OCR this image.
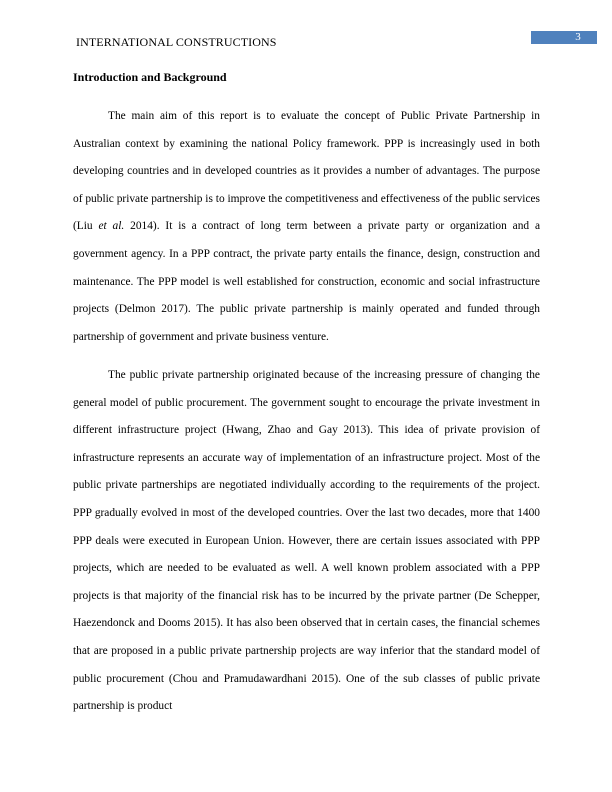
INTERNATIONAL CONSTRUCTIONS	3
Introduction and Background

The main aim of this report is to evaluate the concept of Public Private Partnership in Australian context by examining the national Policy framework. PPP is increasingly used in both developing countries and in developed countries as it provides a number of advantages. The purpose of public private partnership is to improve the competitiveness and effectiveness of the public services (Liu et al. 2014). It is a contract of long term between a private party or organization and a government agency. In a PPP contract, the private party entails the finance, design, construction and maintenance. The PPP model is well established for construction, economic and social infrastructure projects (Delmon 2017). The public private partnership is mainly operated and funded through partnership of government and private business venture.

The public private partnership originated because of the increasing pressure of changing the general model of public procurement. The government sought to encourage the private investment in different infrastructure project (Hwang, Zhao and Gay 2013). This idea of private provision of infrastructure represents an accurate way of implementation of an infrastructure project. Most of the public private partnerships are negotiated individually according to the requirements of the project. PPP gradually evolved in most of the developed countries. Over the last two decades, more that 1400 PPP deals were executed in European Union. However, there are certain issues associated with PPP projects, which are needed to be evaluated as well. A well known problem associated with a PPP projects is that majority of the financial risk has to be incurred by the private partner (De Schepper, Haezendonck and Dooms 2015). It has also been observed that in certain cases, the financial schemes that are proposed in a public private partnership projects are way inferior that the standard model of public procurement (Chou and Pramudawardhani 2015). One of the sub classes of public private partnership is product
